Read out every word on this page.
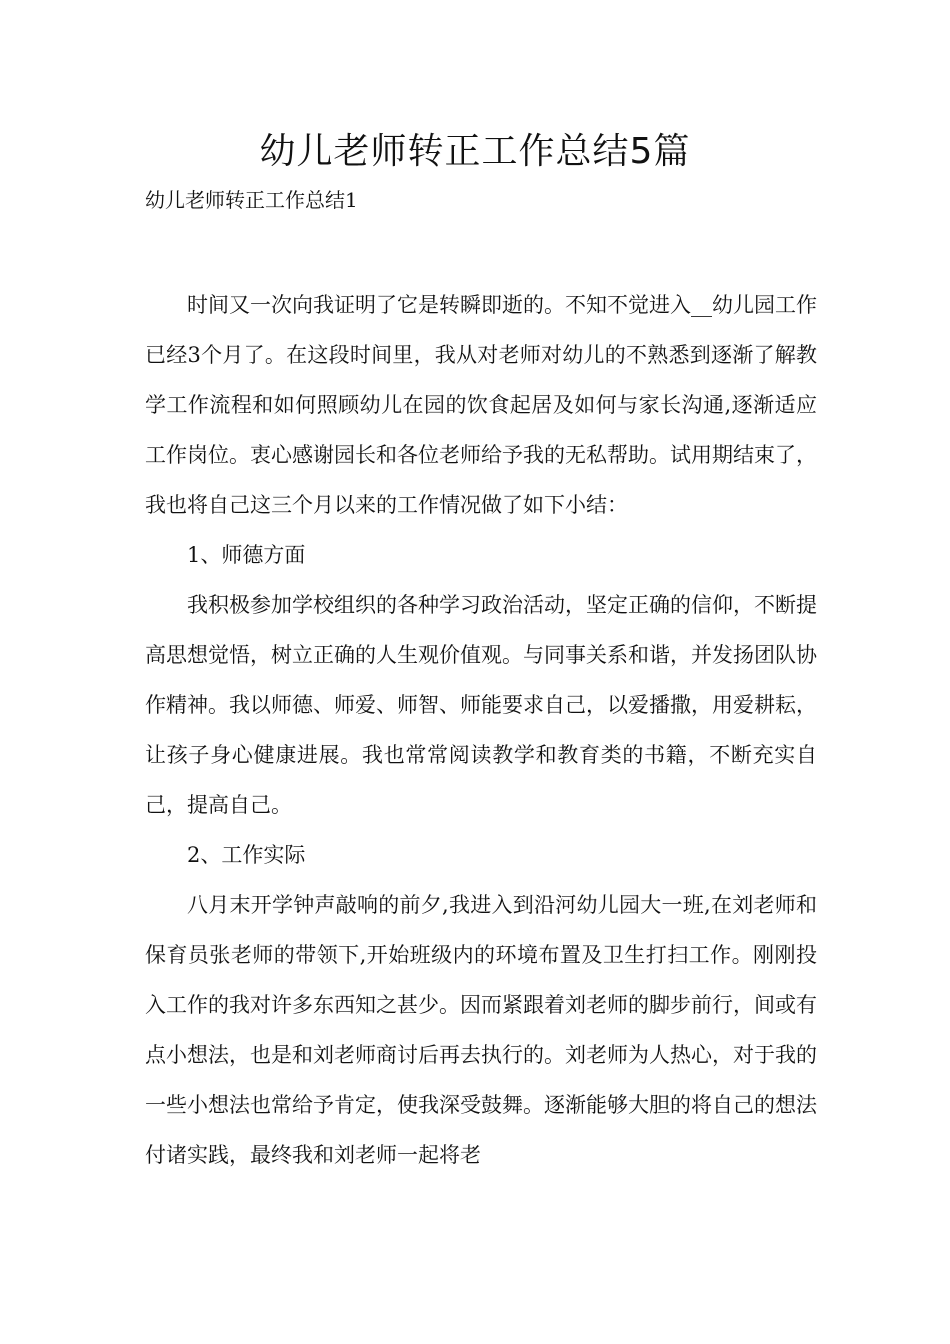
幼儿老师转正工作总结5篇

幼儿老师转正工作总结1

时间又一次向我证明了它是转瞬即逝的。不知不觉进入__幼儿园工作已经3个月了。在这段时间里，我从对老师对幼儿的不熟悉到逐渐了解教学工作流程和如何照顾幼儿在园的饮食起居及如何与家长沟通,逐渐适应工作岗位。衷心感谢园长和各位老师给予我的无私帮助。试用期结束了，我也将自己这三个月以来的工作情况做了如下小结：

1、师德方面

我积极参加学校组织的各种学习政治活动，坚定正确的信仰，不断提高思想觉悟，树立正确的人生观价值观。与同事关系和谐，并发扬团队协作精神。我以师德、师爱、师智、师能要求自己，以爱播撒，用爱耕耘，让孩子身心健康进展。我也常常阅读教学和教育类的书籍，不断充实自己，提高自己。

2、工作实际

八月末开学钟声敲响的前夕,我进入到沿河幼儿园大一班,在刘老师和保育员张老师的带领下,开始班级内的环境布置及卫生打扫工作。刚刚投入工作的我对许多东西知之甚少。因而紧跟着刘老师的脚步前行，间或有点小想法，也是和刘老师商讨后再去执行的。刘老师为人热心，对于我的一些小想法也常给予肯定，使我深受鼓舞。逐渐能够大胆的将自己的想法付诸实践，最终我和刘老师一起将老
